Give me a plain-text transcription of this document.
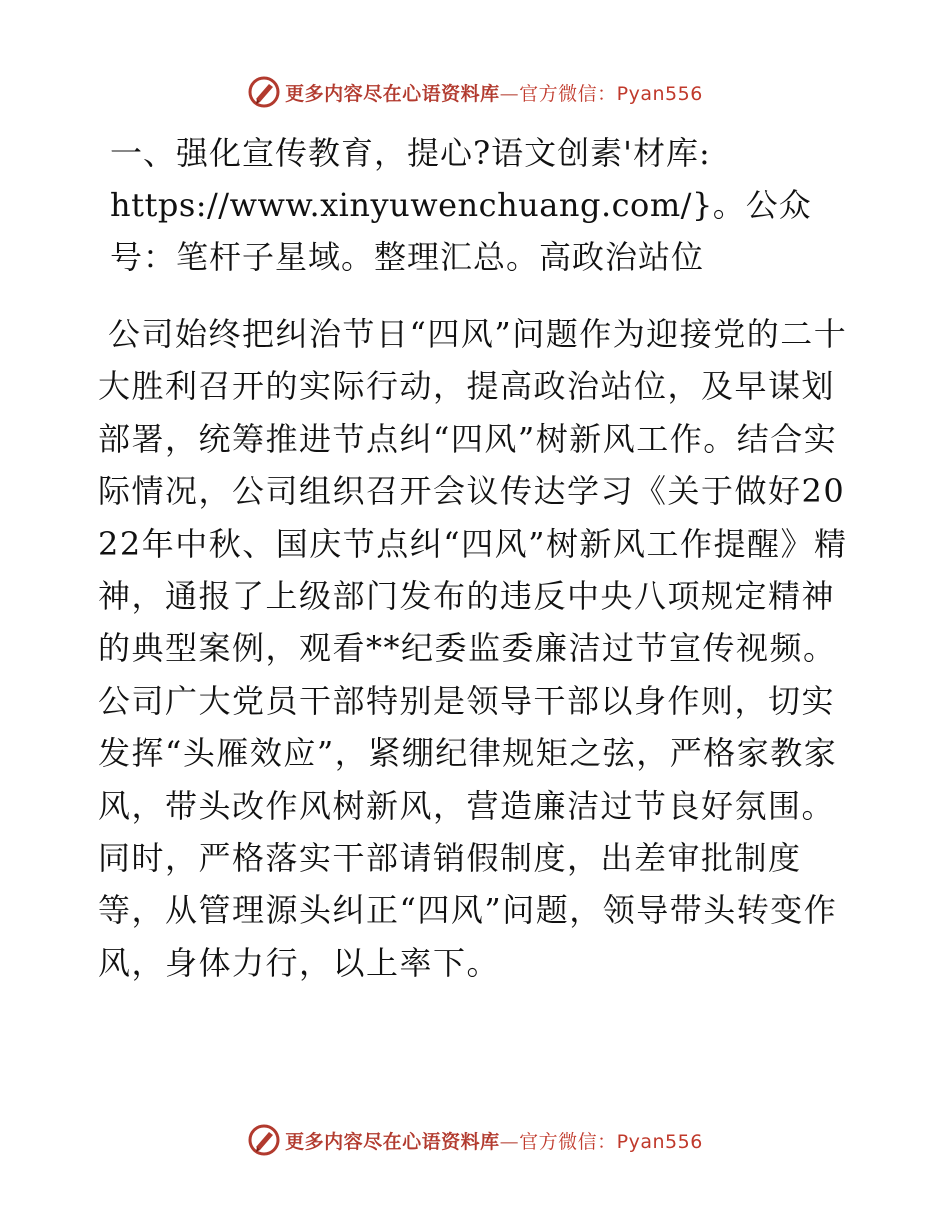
更多内容尽在心语资料库—官方微信：Pyan556

一、强化宣传教育，提心?语文创素'材库:
https://www.xinyuwenchuang.com/}。公众号：笔杆子星域。整理汇总。高政治站位

公司始终把纠治节日“四风”问题作为迎接党的二十大胜利召开的实际行动，提高政治站位，及早谋划部署，统筹推进节点纠“四风”树新风工作。结合实际情况，公司组织召开会议传达学习《关于做好2022年中秋、国庆节点纠“四风”树新风工作提醒》精神，通报了上级部门发布的违反中央八项规定精神的典型案例，观看**纪委监委廉洁过节宣传视频。公司广大党员干部特别是领导干部以身作则，切实发挥“头雁效应”，紧绷纪律规矩之弦，严格家教家风，带头改作风树新风，营造廉洁过节良好氛围。同时，严格落实干部请销假制度，出差审批制度等，从管理源头纠正“四风”问题，领导带头转变作风，身体力行，以上率下。

更多内容尽在心语资料库—官方微信：Pyan556
